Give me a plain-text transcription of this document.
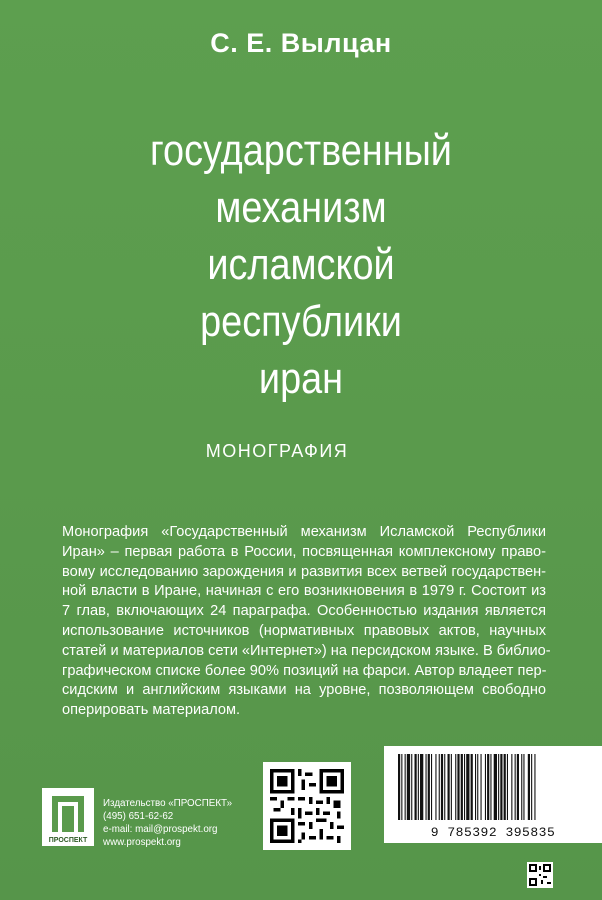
С. Е. Вылцан
государственный
механизм
исламской
республики
иран
МОНОГРАФИЯ
Монография «Государственный механизм Исламской Республики
Иран» – первая работа в России, посвященная комплексному право-
вому исследованию зарождения и развития всех ветвей государствен-
ной власти в Иране, начиная с его возникновения в 1979 г. Состоит из
7 глав, включающих 24 параграфа. Особенностью издания является
использование источников (нормативных правовых актов, научных
статей и материалов сети «Интернет») на персидском языке. В библио-
графическом списке более 90% позиций на фарси. Автор владеет пер-
сидским и английским языками на уровне, позволяющем свободно
оперировать материалом.
ПРОСПЕКТ
Издательство «ПРОСПЕКТ»
(495) 651-62-62
e-mail: mail@prospekt.org
www.prospekt.org
9 785392 395835
